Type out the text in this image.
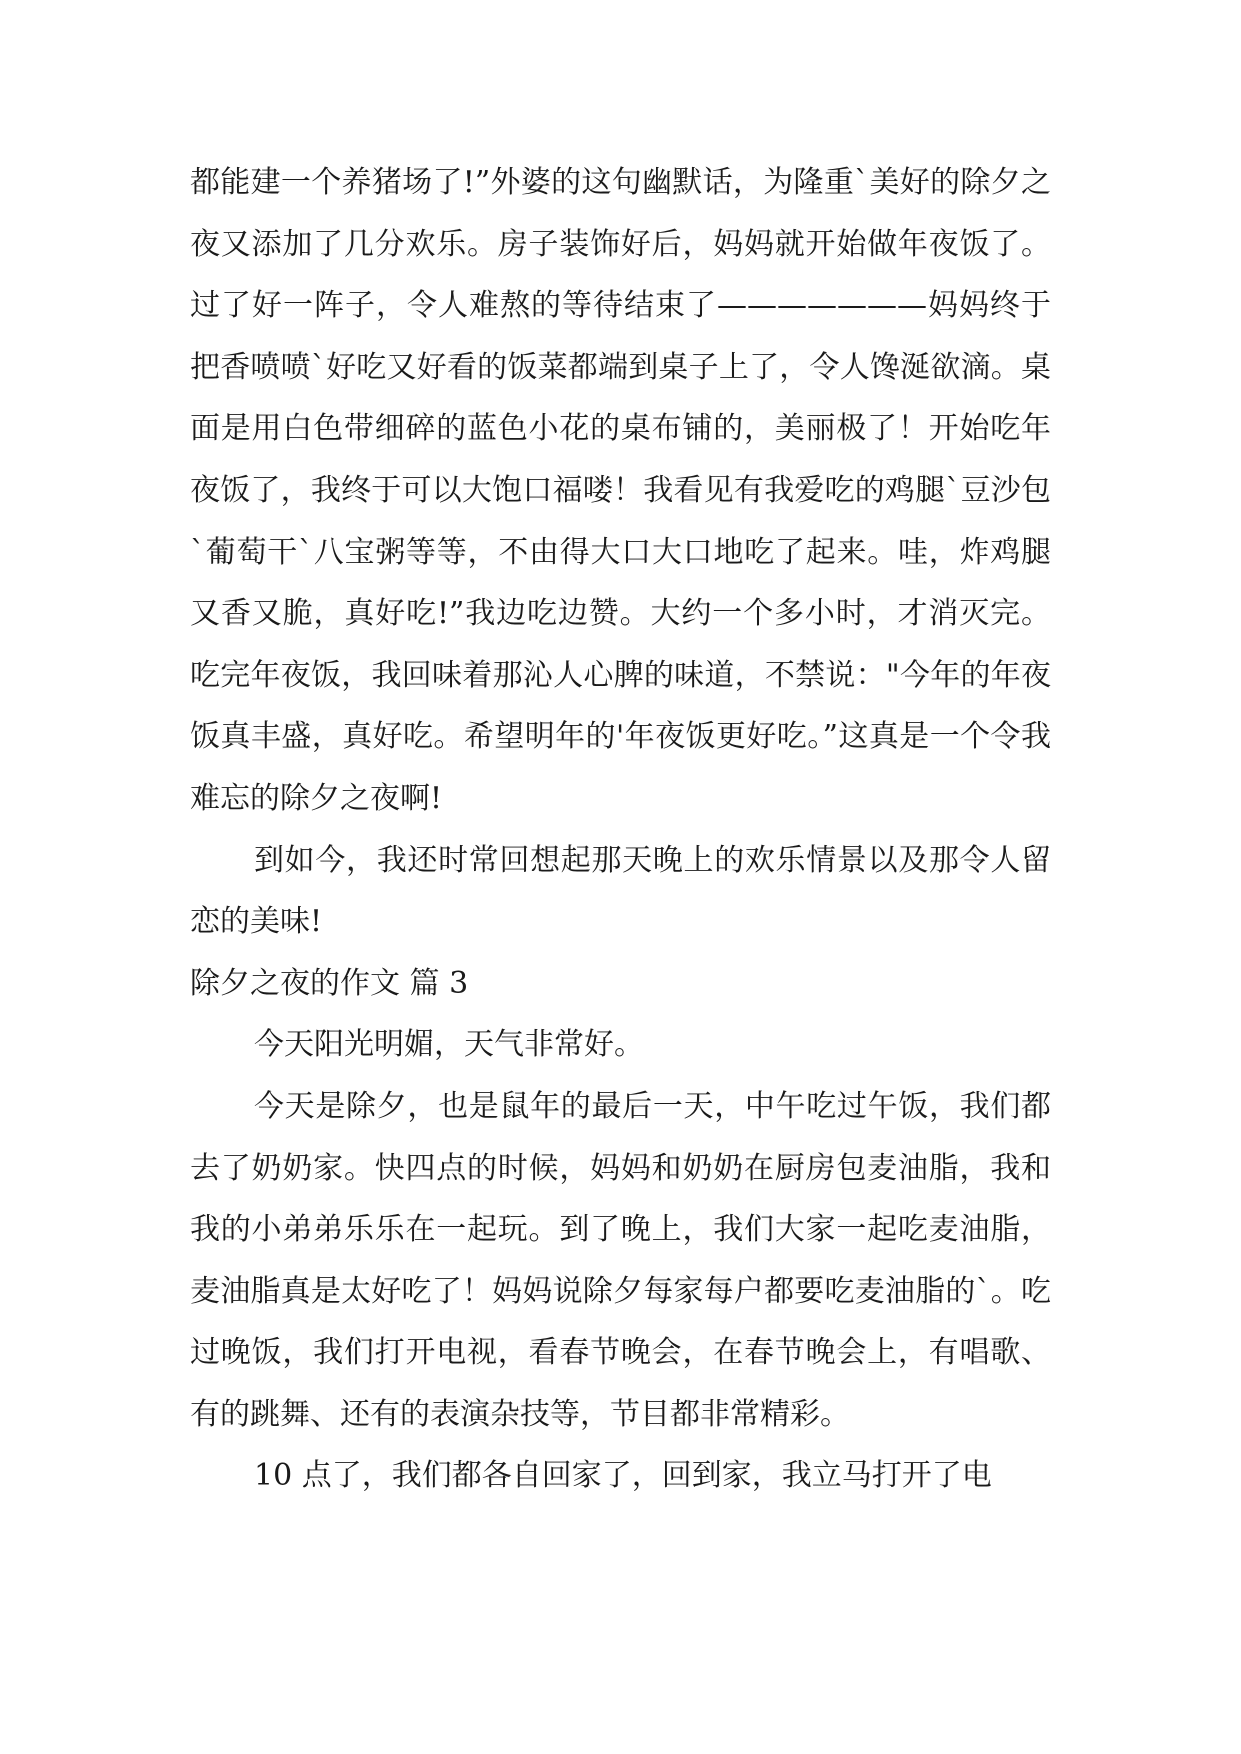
都能建一个养猪场了!”外婆的这句幽默话，为隆重`美好的除夕之夜又添加了几分欢乐。房子装饰好后，妈妈就开始做年夜饭了。过了好一阵子，令人难熬的等待结束了———————妈妈终于把香喷喷`好吃又好看的饭菜都端到桌子上了，令人馋涎欲滴。桌面是用白色带细碎的蓝色小花的桌布铺的，美丽极了！开始吃年夜饭了，我终于可以大饱口福喽！我看见有我爱吃的鸡腿`豆沙包`葡萄干`八宝粥等等，不由得大口大口地吃了起来。哇，炸鸡腿又香又脆，真好吃!”我边吃边赞。大约一个多小时，才消灭完。吃完年夜饭，我回味着那沁人心脾的味道，不禁说："今年的年夜饭真丰盛，真好吃。希望明年的'年夜饭更好吃。”这真是一个令我难忘的除夕之夜啊!

到如今，我还时常回想起那天晚上的欢乐情景以及那令人留恋的美味!

除夕之夜的作文 篇 3

今天阳光明媚，天气非常好。

今天是除夕，也是鼠年的最后一天，中午吃过午饭，我们都去了奶奶家。快四点的时候，妈妈和奶奶在厨房包麦油脂，我和我的小弟弟乐乐在一起玩。到了晚上，我们大家一起吃麦油脂，麦油脂真是太好吃了！妈妈说除夕每家每户都要吃麦油脂的`。吃过晚饭，我们打开电视，看春节晚会，在春节晚会上，有唱歌、有的跳舞、还有的表演杂技等，节目都非常精彩。

10 点了，我们都各自回家了，回到家，我立马打开了电
